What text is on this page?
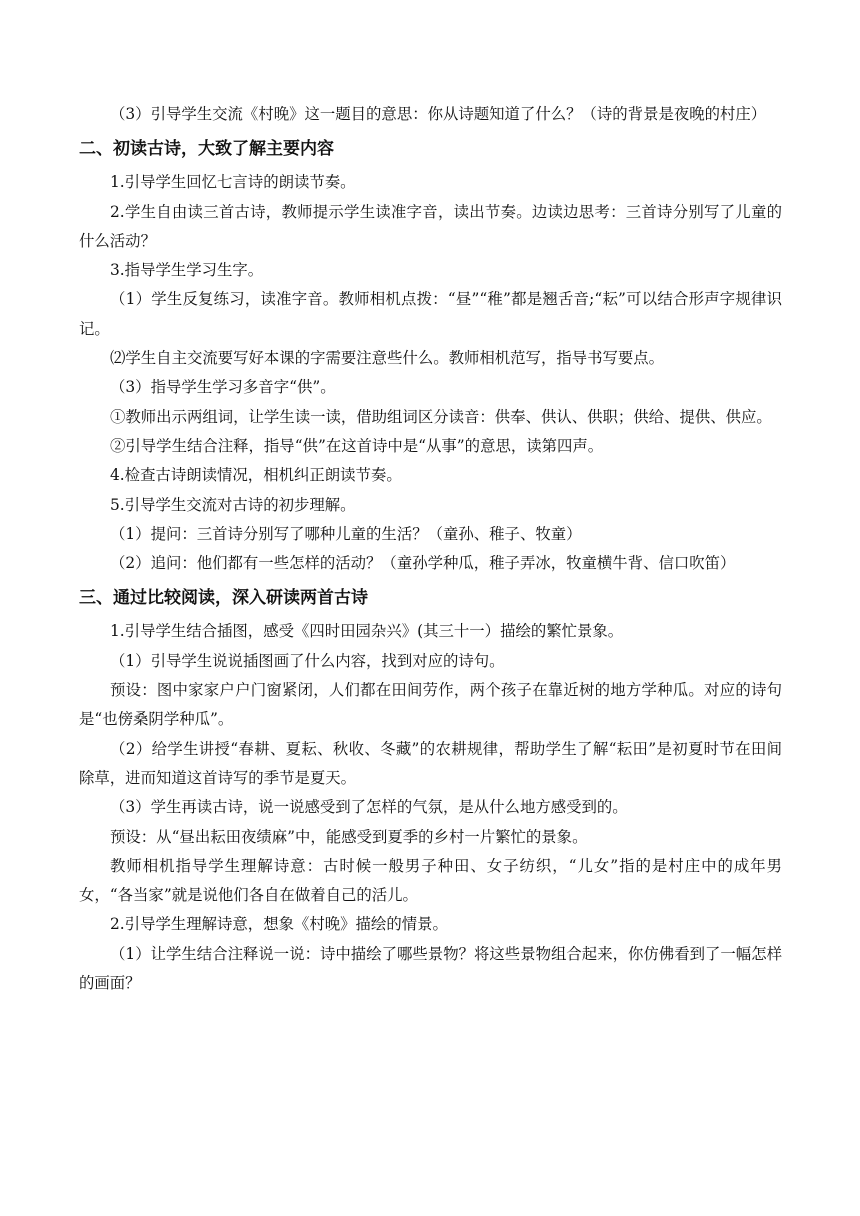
（3）引导学生交流《村晚》这一题目的意思：你从诗题知道了什么？（诗的背景是夜晚的村庄）

二、初读古诗，大致了解主要内容

1.引导学生回忆七言诗的朗读节奏。

2.学生自由读三首古诗，教师提示学生读准字音，读出节奏。边读边思考：三首诗分别写了儿童的什么活动？

3.指导学生学习生字。

（1）学生反复练习，读准字音。教师相机点拨：“昼”“稚”都是翘舌音;“耘”可以结合形声字规律识记。

⑵学生自主交流要写好本课的字需要注意些什么。教师相机范写，指导书写要点。

（3）指导学生学习多音字“供”。

①教师出示两组词，让学生读一读，借助组词区分读音：供奉、供认、供职；供给、提供、供应。

②引导学生结合注释，指导“供”在这首诗中是“从事”的意思，读第四声。

4.检查古诗朗读情况，相机纠正朗读节奏。

5.引导学生交流对古诗的初步理解。

（1）提问：三首诗分别写了哪种儿童的生活？（童孙、稚子、牧童）

（2）追问：他们都有一些怎样的活动？（童孙学种瓜，稚子弄冰，牧童横牛背、信口吹笛）

三、通过比较阅读，深入研读两首古诗

1.引导学生结合插图，感受《四时田园杂兴》(其三十一）描绘的繁忙景象。

（1）引导学生说说插图画了什么内容，找到对应的诗句。

预设：图中家家户户门窗紧闭，人们都在田间劳作，两个孩子在靠近树的地方学种瓜。对应的诗句是“也傍桑阴学种瓜”。

（2）给学生讲授“春耕、夏耘、秋收、冬藏”的农耕规律，帮助学生了解“耘田”是初夏时节在田间除草，进而知道这首诗写的季节是夏天。

（3）学生再读古诗，说一说感受到了怎样的气氛，是从什么地方感受到的。

预设：从“昼出耘田夜绩麻”中，能感受到夏季的乡村一片繁忙的景象。

教师相机指导学生理解诗意：古时候一般男子种田、女子纺织，“儿女”指的是村庄中的成年男女，“各当家”就是说他们各自在做着自己的活儿。

2.引导学生理解诗意，想象《村晚》描绘的情景。

（1）让学生结合注释说一说：诗中描绘了哪些景物？将这些景物组合起来，你仿佛看到了一幅怎样的画面？
